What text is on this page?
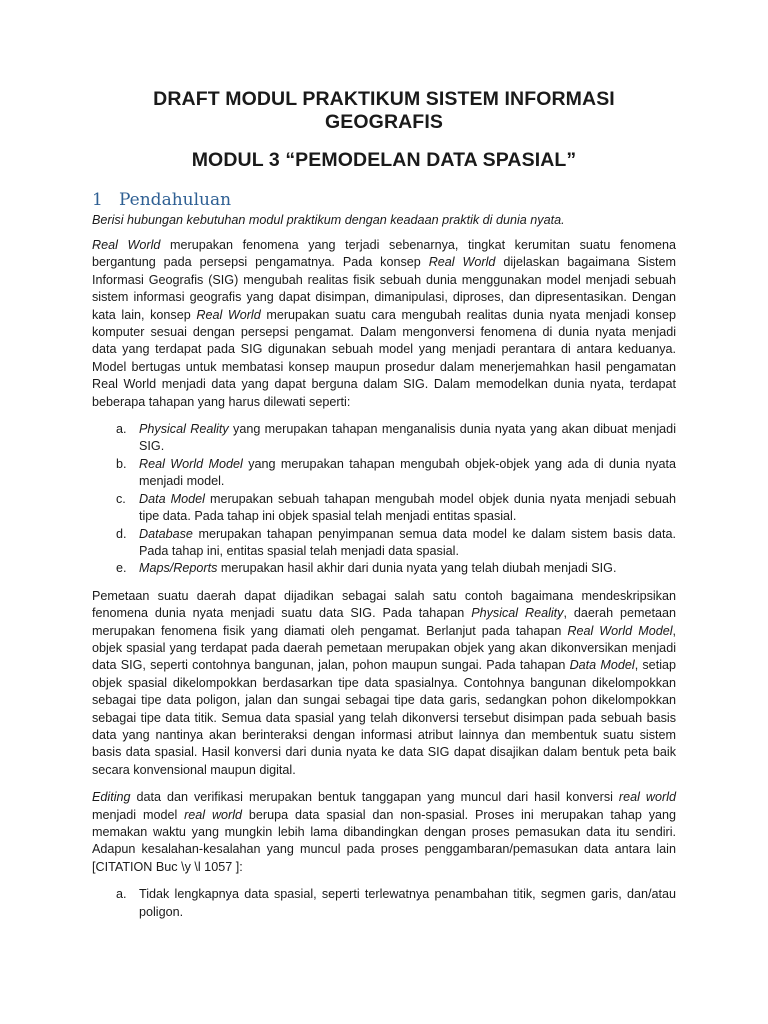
DRAFT MODUL PRAKTIKUM SISTEM INFORMASI GEOGRAFIS
MODUL 3 “PEMODELAN DATA SPASIAL”
1 Pendahuluan
Berisi hubungan kebutuhan modul praktikum dengan keadaan praktik di dunia nyata.

Real World merupakan fenomena yang terjadi sebenarnya, tingkat kerumitan suatu fenomena bergantung pada persepsi pengamatnya. Pada konsep Real World dijelaskan bagaimana Sistem Informasi Geografis (SIG) mengubah realitas fisik sebuah dunia menggunakan model menjadi sebuah sistem informasi geografis yang dapat disimpan, dimanipulasi, diproses, dan dipresentasikan. Dengan kata lain, konsep Real World merupakan suatu cara mengubah realitas dunia nyata menjadi konsep komputer sesuai dengan persepsi pengamat. Dalam mengonversi fenomena di dunia nyata menjadi data yang terdapat pada SIG digunakan sebuah model yang menjadi perantara di antara keduanya. Model bertugas untuk membatasi konsep maupun prosedur dalam menerjemahkan hasil pengamatan Real World menjadi data yang dapat berguna dalam SIG. Dalam memodelkan dunia nyata, terdapat beberapa tahapan yang harus dilewati seperti:

a. Physical Reality yang merupakan tahapan menganalisis dunia nyata yang akan dibuat menjadi SIG.
b. Real World Model yang merupakan tahapan mengubah objek-objek yang ada di dunia nyata menjadi model.
c. Data Model merupakan sebuah tahapan mengubah model objek dunia nyata menjadi sebuah tipe data. Pada tahap ini objek spasial telah menjadi entitas spasial.
d. Database merupakan tahapan penyimpanan semua data model ke dalam sistem basis data. Pada tahap ini, entitas spasial telah menjadi data spasial.
e. Maps/Reports merupakan hasil akhir dari dunia nyata yang telah diubah menjadi SIG.

Pemetaan suatu daerah dapat dijadikan sebagai salah satu contoh bagaimana mendeskripsikan fenomena dunia nyata menjadi suatu data SIG. Pada tahapan Physical Reality, daerah pemetaan merupakan fenomena fisik yang diamati oleh pengamat. Berlanjut pada tahapan Real World Model, objek spasial yang terdapat pada daerah pemetaan merupakan objek yang akan dikonversikan menjadi data SIG, seperti contohnya bangunan, jalan, pohon maupun sungai. Pada tahapan Data Model, setiap objek spasial dikelompokkan berdasarkan tipe data spasialnya. Contohnya bangunan dikelompokkan sebagai tipe data poligon, jalan dan sungai sebagai tipe data garis, sedangkan pohon dikelompokkan sebagai tipe data titik. Semua data spasial yang telah dikonversi tersebut disimpan pada sebuah basis data yang nantinya akan berinteraksi dengan informasi atribut lainnya dan membentuk suatu sistem basis data spasial. Hasil konversi dari dunia nyata ke data SIG dapat disajikan dalam bentuk peta baik secara konvensional maupun digital.

Editing data dan verifikasi merupakan bentuk tanggapan yang muncul dari hasil konversi real world menjadi model real world berupa data spasial dan non-spasial. Proses ini merupakan tahap yang memakan waktu yang mungkin lebih lama dibandingkan dengan proses pemasukan data itu sendiri. Adapun kesalahan-kesalahan yang muncul pada proses penggambaran/pemasukan data antara lain [CITATION Buc \y \l 1057 ]:

a. Tidak lengkapnya data spasial, seperti terlewatnya penambahan titik, segmen garis, dan/atau poligon.
